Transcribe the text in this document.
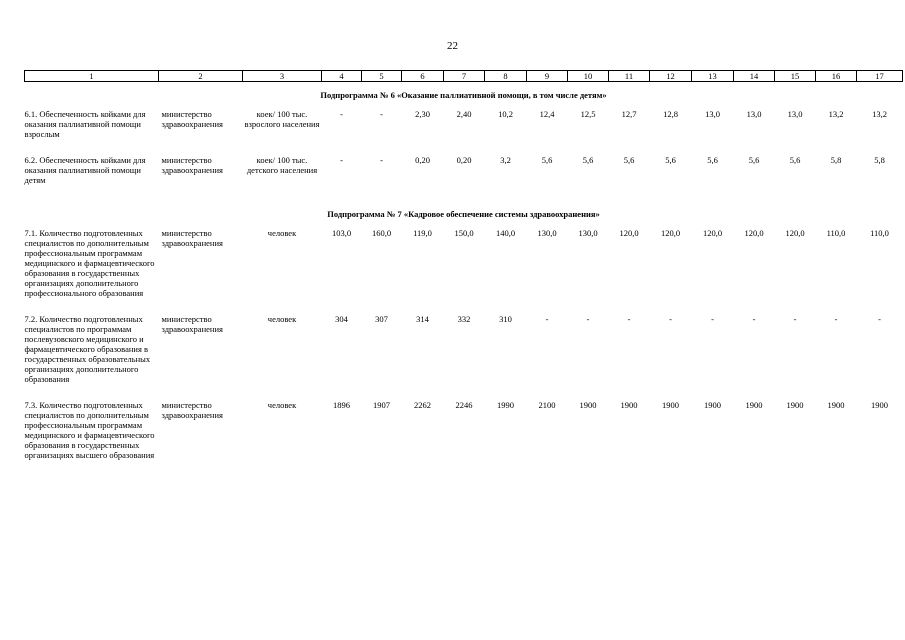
22
1	2	3	4	5	6	7	8	9	10	11	12	13	14	15	16	17
Подпрограмма № 6 «Оказание паллиативной помощи, в том числе детям»																
6.1. Обеспеченность койками для оказания паллиативной помощи взрослым	министерство здравоохранения	коек/ 100 тыс. взрослого населения	-	-	2,30	2,40	10,2	12,4	12,5	12,7	12,8	13,0	13,0	13,0	13,2	13,2
6.2. Обеспеченность койками для оказания паллиативной помощи детям	министерство здравоохранения	коек/ 100 тыс. детского населения	-	-	0,20	0,20	3,2	5,6	5,6	5,6	5,6	5,6	5,6	5,6	5,8	5,8
Подпрограмма № 7 «Кадровое обеспечение системы здравоохранения»																
7.1. Количество подготовленных специалистов по дополнительным профессиональным программам медицинского и фармацевтического образования в государственных организациях дополнительного профессионального образования	министерство здравоохранения	человек	103,0	160,0	119,0	150,0	140,0	130,0	130,0	120,0	120,0	120,0	120,0	120,0	110,0	110,0
7.2. Количество подготовленных специалистов по программам послевузовского медицинского и фармацевтического образования в государственных образовательных организациях дополнительного образования	министерство здравоохранения	человек	304	307	314	332	310	-	-	-	-	-	-	-	-	-
7.3. Количество подготовленных специалистов по дополнительным профессиональным программам медицинского и фармацевтического образования в государственных организациях высшего образования	министерство здравоохранения	человек	1896	1907	2262	2246	1990	2100	1900	1900	1900	1900	1900	1900	1900	1900
